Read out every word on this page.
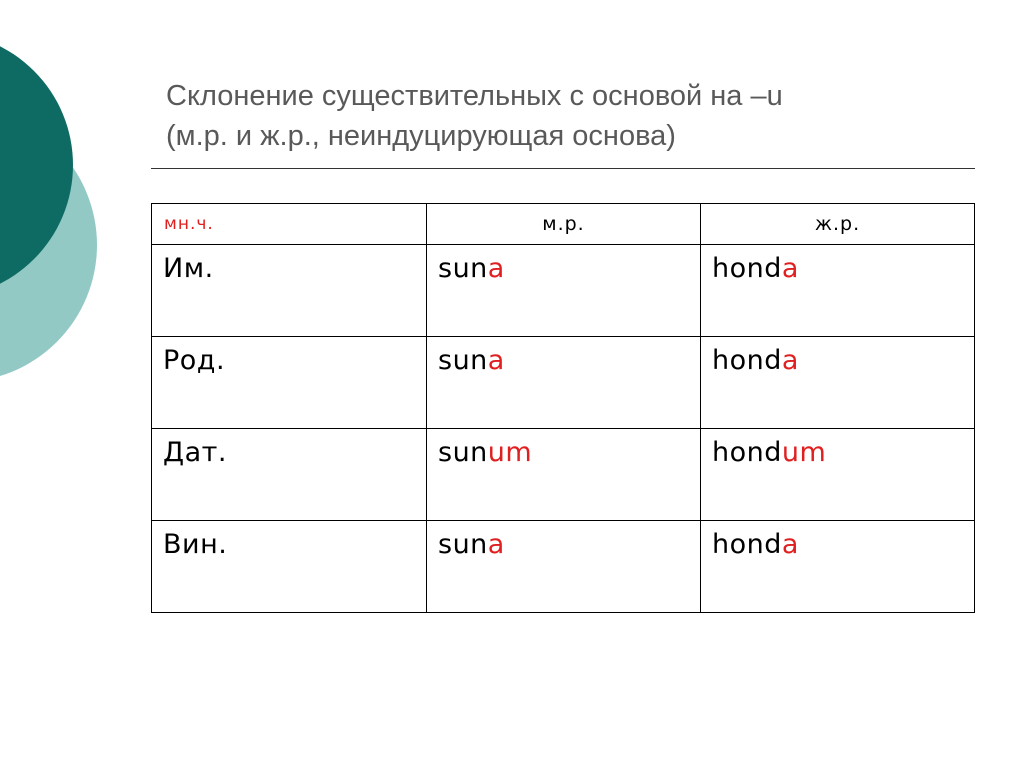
Склонение существительных с основой на –u
(м.р. и ж.р., неиндуцирующая основа)
мн.ч.	м.р.	ж.р.

Им.	suna	honda

Род.	suna	honda

Дат.	sunum	hondum

Вин.	suna	honda
